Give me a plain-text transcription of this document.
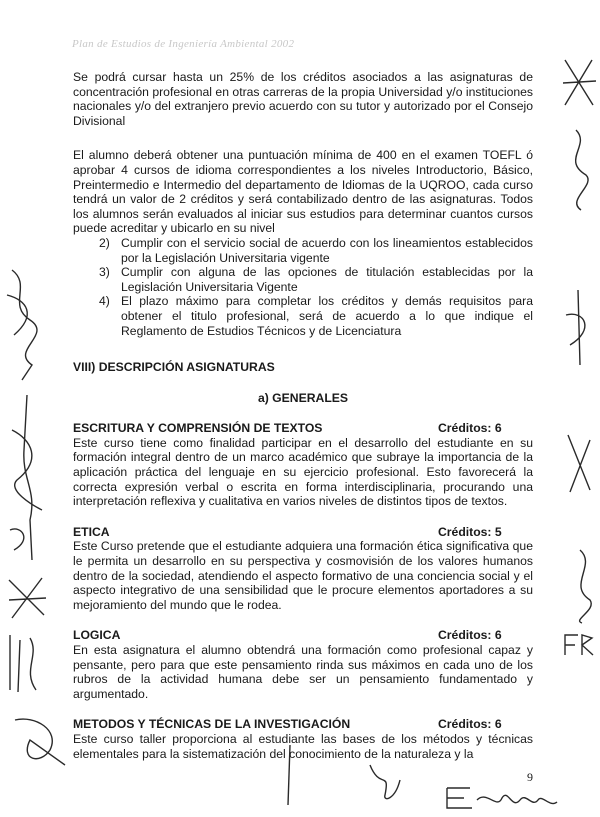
Plan de Estudios de Ingeniería Ambiental 2002

Se podrá cursar hasta un 25% de los créditos asociados a las asignaturas de concentración profesional en otras carreras de la propia Universidad y/o instituciones nacionales y/o del extranjero previo acuerdo con su tutor y autorizado por el Consejo Divisional

El alumno deberá obtener una puntuación mínima de 400 en el examen TOEFL ó aprobar 4 cursos de idioma correspondientes a los niveles Introductorio, Básico, Preintermedio e Intermedio del departamento de Idiomas de la UQROO, cada curso tendrá un valor de 2 créditos y será contabilizado dentro de las asignaturas. Todos los alumnos serán evaluados al iniciar sus estudios para determinar cuantos cursos puede acreditar y ubicarlo en su nivel

2) Cumplir con el servicio social de acuerdo con los lineamientos establecidos por la Legislación Universitaria vigente
3) Cumplir con alguna de las opciones de titulación establecidas por la Legislación Universitaria Vigente
4) El plazo máximo para completar los créditos y demás requisitos para obtener el titulo profesional, será de acuerdo a lo que indique el Reglamento de Estudios Técnicos y de Licenciatura
VIII) DESCRIPCIÓN ASIGNATURAS
a) GENERALES
ESCRITURA Y COMPRENSIÓN DE TEXTOS	Créditos: 6

Este curso tiene como finalidad participar en el desarrollo del estudiante en su formación integral dentro de un marco académico que subraye la importancia de la aplicación práctica del lenguaje en su ejercicio profesional. Esto favorecerá la correcta expresión verbal o escrita en forma interdisciplinaria, procurando una interpretación reflexiva y cualitativa en varios niveles de distintos tipos de textos.

ETICA	Créditos: 5

Este Curso pretende que el estudiante adquiera una formación ética significativa que le permita un desarrollo en su perspectiva y cosmovisión de los valores humanos dentro de la sociedad, atendiendo el aspecto formativo de una conciencia social y el aspecto integrativo de una sensibilidad que le procure elementos aportadores a su mejoramiento del mundo que le rodea.

LOGICA	Créditos: 6

En esta asignatura el alumno obtendrá una formación como profesional capaz y pensante, pero para que este pensamiento rinda sus máximos en cada uno de los rubros de la actividad humana debe ser un pensamiento fundamentado y argumentado.

METODOS Y TÉCNICAS DE LA INVESTIGACIÓN	Créditos: 6

Este curso taller proporciona al estudiante las bases de los métodos y técnicas elementales para la sistematización del conocimiento de la naturaleza y la

9
